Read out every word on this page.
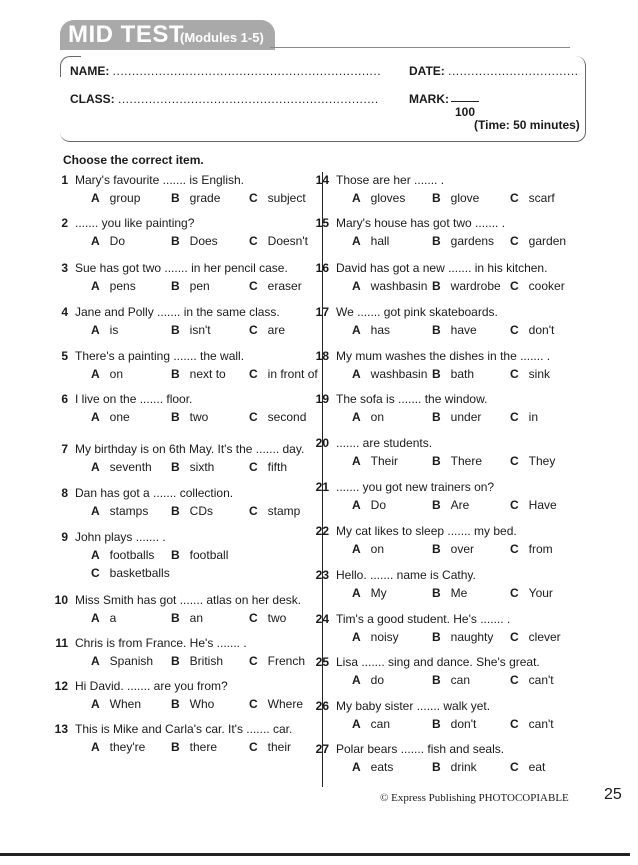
MID TEST
(Modules 1-5)
NAME: ...................................................................... DATE: ..................................
CLASS: ....................................................................	MARK:
100
(Time: 50 minutes)
Choose the correct item.
1 Mary's favourite ....... is English.
A group	B grade C subject
2 ....... you like painting?
A Do	B Does	C Doesn't
3 Sue has got two ....... in her pencil case.
A pens	B pen	C eraser
4 Jane and Polly ....... in the same class.
A is	B isn't	C are
5 There's a painting ....... the wall.
A on	B next to C in front of
6 I live on the ....... floor.
A one	B two	C second
7 My birthday is on 6th May. It's the ....... day.
A seventh B sixth	C fifth
8 Dan has got a ....... collection.
A stamps B CDs	C stamp
9 John plays ....... .
A footballs B football
C basketballs
10 Miss Smith has got ....... atlas on her desk.
A a	B an	C two
11 Chris is from France. He's ....... .
A Spanish B British C French
12 Hi David. ....... are you from?
A When B Who	C Where
13 This is Mike and Carla's car. It's ....... car.
A they're B there	C their
14 Those are her ....... .
A gloves B glove	C scarf
15 Mary's house has got two ....... .
A hall	B gardens C garden
16 David has got a new ....... in his kitchen.
A washbasin B wardrobe C cooker
17 We ....... got pink skateboards.
A has	B have	C don't
18 My mum washes the dishes in the ....... .
A washbasin B bath	C sink
19 The sofa is ....... the window.
A on	B under C in
20 ....... are students.
A Their	B There C They
21 ....... you got new trainers on?
A Do	B Are	C Have
22 My cat likes to sleep ....... my bed.
A on	B over	C from
23 Hello. ....... name is Cathy.
A My	B Me	C Your
24 Tim's a good student. He's ....... .
A noisy	B naughty C clever
25 Lisa ....... sing and dance. She's great.
A do	B can	C can't
26 My baby sister ....... walk yet.
A can	B don't	C can't
27 Polar bears ....... fish and seals.
A eats	B drink	C eat
© Express Publishing PHOTOCOPIABLE 25
